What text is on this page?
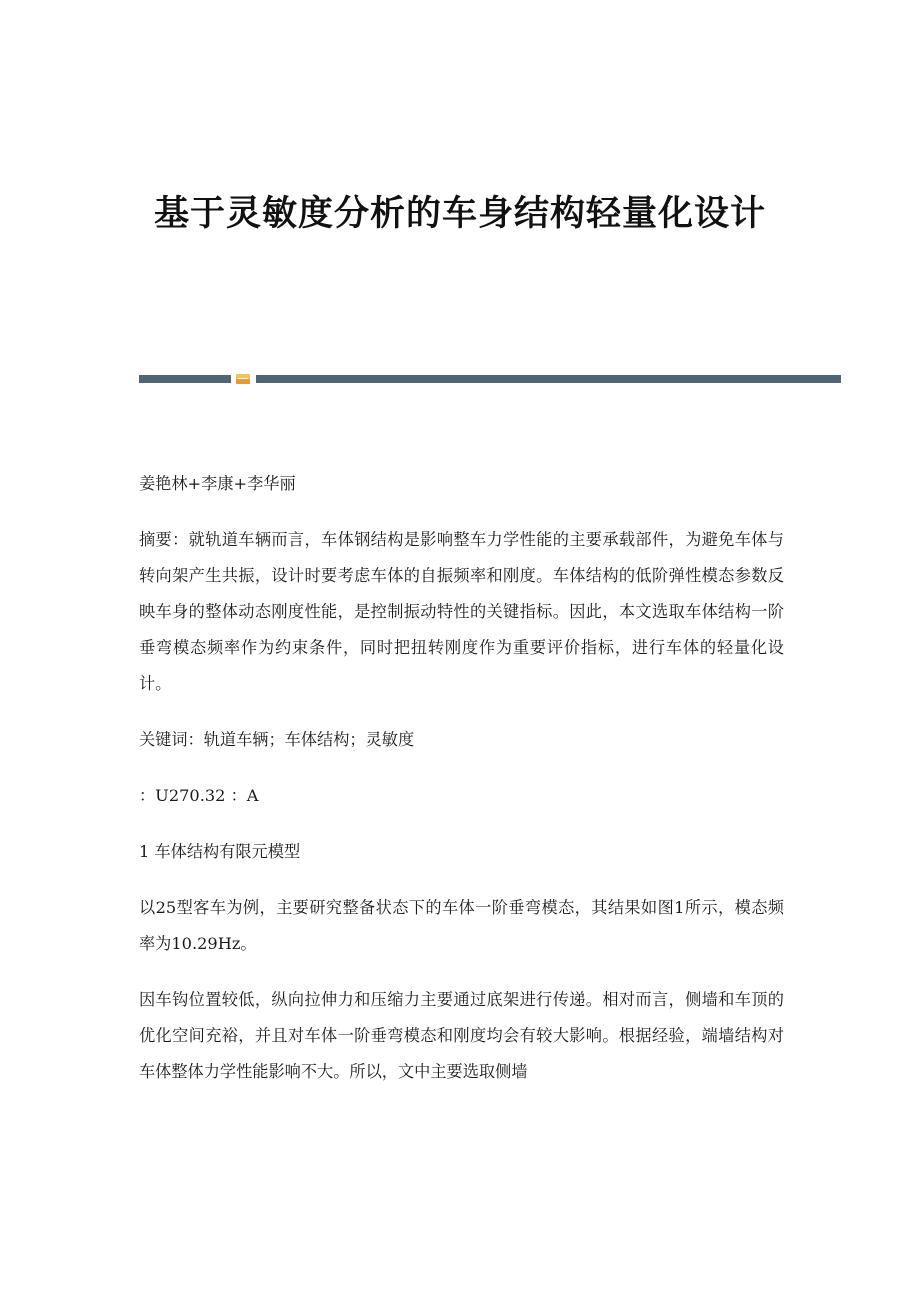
基于灵敏度分析的车身结构轻量化设计

姜艳林+李康+李华丽

摘要：就轨道车辆而言，车体钢结构是影响整车力学性能的主要承载部件，为避免车体与转向架产生共振，设计时要考虑车体的自振频率和刚度。车体结构的低阶弹性模态参数反映车身的整体动态刚度性能，是控制振动特性的关键指标。因此，本文选取车体结构一阶垂弯模态频率作为约束条件，同时把扭转刚度作为重要评价指标，进行车体的轻量化设计。

关键词：轨道车辆；车体结构；灵敏度

：U270.32 ：A

1 车体结构有限元模型

以25型客车为例，主要研究整备状态下的车体一阶垂弯模态，其结果如图1所示，模态频率为10.29Hz。

因车钩位置较低，纵向拉伸力和压缩力主要通过底架进行传递。相对而言，侧墙和车顶的优化空间充裕，并且对车体一阶垂弯模态和刚度均会有较大影响。根据经验，端墙结构对车体整体力学性能影响不大。所以，文中主要选取侧墙
